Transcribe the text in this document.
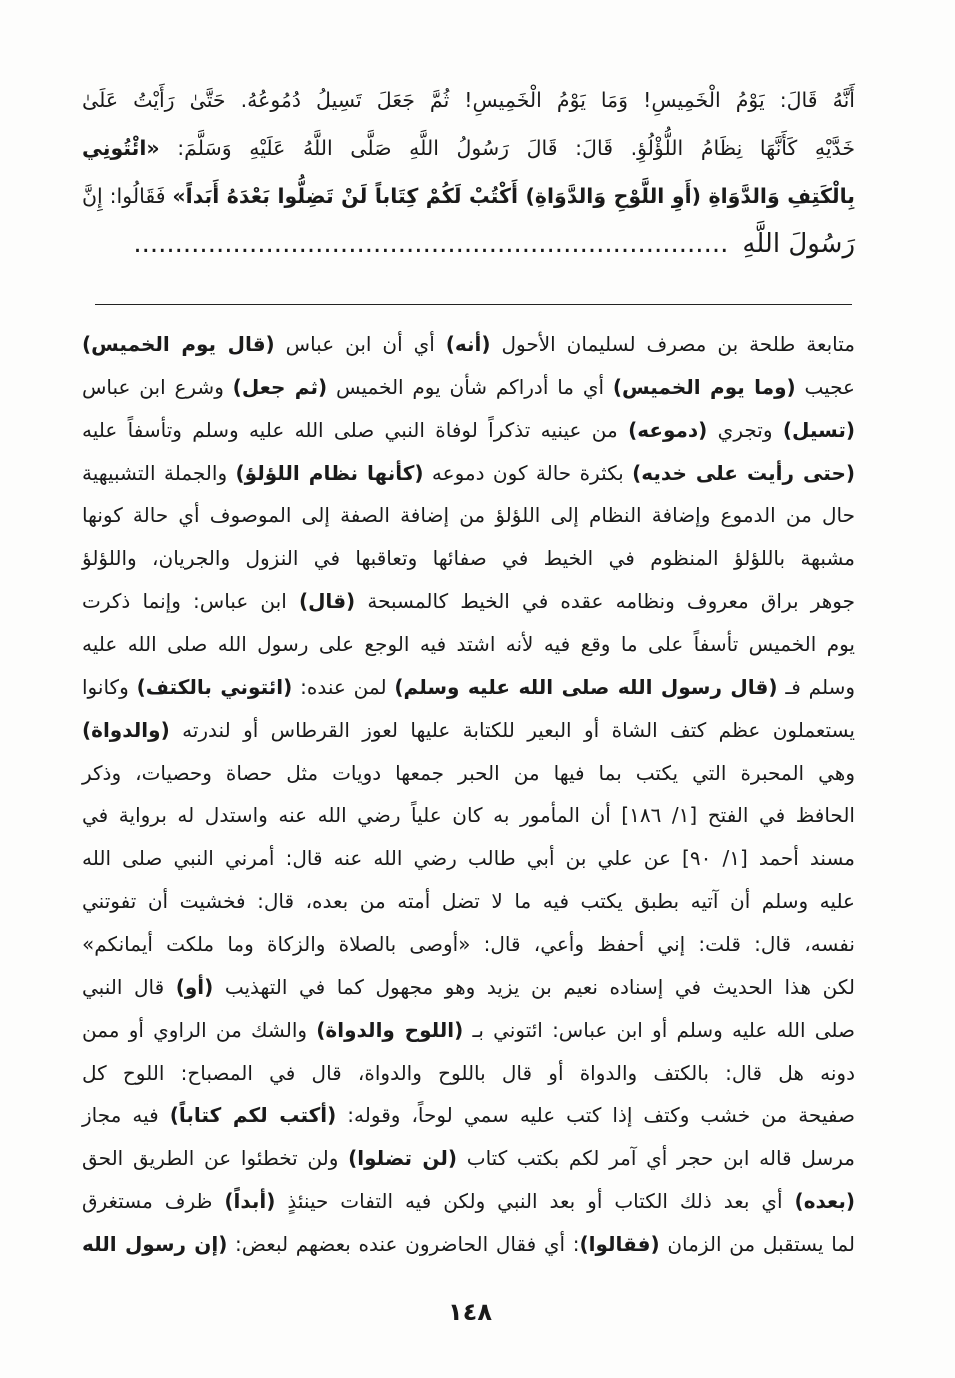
أَنَّهُ قَالَ: يَوْمُ الْخَمِيسِ! وَمَا يَوْمُ الْخَمِيسِ! ثُمَّ جَعَلَ تَسِيلُ دُمُوعُهُ. حَتَّىٰ رَأَيْتُ عَلَىٰ
خَدَّيْهِ كَأَنَّهَا نِظَامُ اللُّؤْلُؤِ. قَالَ: قَالَ رَسُولُ اللَّهِ صَلَّى اللَّهُ عَلَيْهِ وَسَلَّمَ: «ائْتُونِي
بِالْكَتِفِ وَالدَّوَاةِ (أَوِ اللَّوْحِ وَالدَّوَاةِ) أَكْتُبْ لَكُمْ كِتَاباً لَنْ تَضِلُّوا بَعْدَهُ أَبَداً» فَقَالُوا: إِنَّ
رَسُولَ اللَّهِ
........................................................................
متابعة طلحة بن مصرف لسليمان الأحول (أنه) أي أن ابن عباس (قال يوم الخميس)
عجيب (وما يوم الخميس) أي ما أدراكم شأن يوم الخميس (ثم جعل) وشرع ابن عباس
(تسيل) وتجري (دموعه) من عينيه تذكراً لوفاة النبي صلى الله عليه وسلم وتأسفاً عليه
(حتى رأيت على خديه) بكثرة حالة كون دموعه (كأنها نظام اللؤلؤ) والجملة التشبيهية
حال من الدموع وإضافة النظام إلى اللؤلؤ من إضافة الصفة إلى الموصوف أي حالة كونها
مشبهة باللؤلؤ المنظوم في الخيط في صفائها وتعاقبها في النزول والجريان، واللؤلؤ
جوهر براق معروف ونظامه عقده في الخيط كالمسبحة (قال) ابن عباس: وإنما ذكرت
يوم الخميس تأسفاً على ما وقع فيه لأنه اشتد فيه الوجع على رسول الله صلى الله عليه
وسلم فـ (قال رسول الله صلى الله عليه وسلم) لمن عنده: (ائتوني بالكتف) وكانوا
يستعملون عظم كتف الشاة أو البعير للكتابة عليها لعوز القرطاس أو لندرته (والدواة)
وهي المحبرة التي يكتب بما فيها من الحبر جمعها دويات مثل حصاة وحصيات، وذكر
الحافظ في الفتح [١/ ١٨٦] أن المأمور به كان علياً رضي الله عنه واستدل له برواية في
مسند أحمد [١/ ٩٠] عن علي بن أبي طالب رضي الله عنه قال: أمرني النبي صلى الله
عليه وسلم أن آتيه بطبق يكتب فيه ما لا تضل أمته من بعده، قال: فخشيت أن تفوتني
نفسه، قال: قلت: إني أحفظ وأعي، قال: «أوصى بالصلاة والزكاة وما ملكت أيمانكم»
لكن هذا الحديث في إسناده نعيم بن يزيد وهو مجهول كما في التهذيب (أو) قال النبي
صلى الله عليه وسلم أو ابن عباس: ائتوني بـ (اللوح والدواة) والشك من الراوي أو ممن
دونه هل قال: بالكتف والدواة أو قال باللوح والدواة، قال في المصباح: اللوح كل
صفيحة من خشب وكتف إذا كتب عليه سمي لوحاً، وقوله: (أكتب لكم كتاباً) فيه مجاز
مرسل قاله ابن حجر أي آمر لكم بكتب كتاب (لن تضلوا) ولن تخطئوا عن الطريق الحق
(بعده) أي بعد ذلك الكتاب أو بعد النبي ولكن فيه التفات حينئذٍ (أبداً) ظرف مستغرق
لما يستقبل من الزمان (فقالوا): أي فقال الحاضرون عنده بعضهم لبعض: (إن رسول الله
١٤٨
